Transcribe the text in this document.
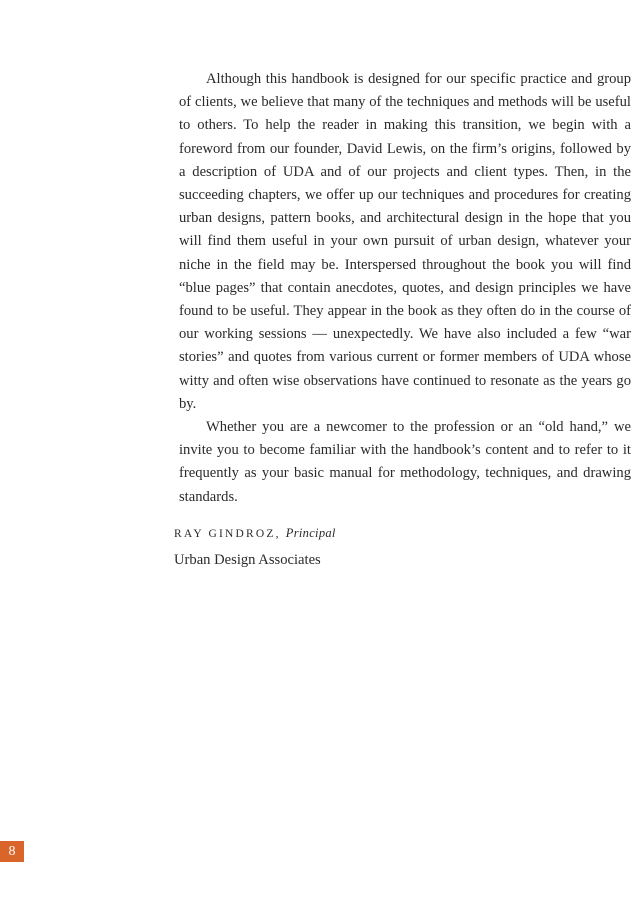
Although this handbook is designed for our specific practice and group of clients, we believe that many of the techniques and methods will be useful to others. To help the reader in making this transition, we begin with a foreword from our founder, David Lewis, on the firm’s origins, followed by a description of UDA and of our projects and client types. Then, in the succeeding chapters, we offer up our techniques and procedures for creating urban designs, pattern books, and architectural design in the hope that you will find them useful in your own pursuit of urban design, whatever your niche in the field may be. Interspersed throughout the book you will find “blue pages” that contain anecdotes, quotes, and design principles we have found to be useful. They appear in the book as they often do in the course of our working sessions — unexpectedly. We have also included a few “war stories” and quotes from various current or former members of UDA whose witty and often wise observations have continued to resonate as the years go by.

Whether you are a newcomer to the profession or an “old hand,” we invite you to become familiar with the handbook’s content and to refer to it frequently as your basic manual for methodology, techniques, and drawing standards.

RAY GINDROZ, Principal
Urban Design Associates
8
